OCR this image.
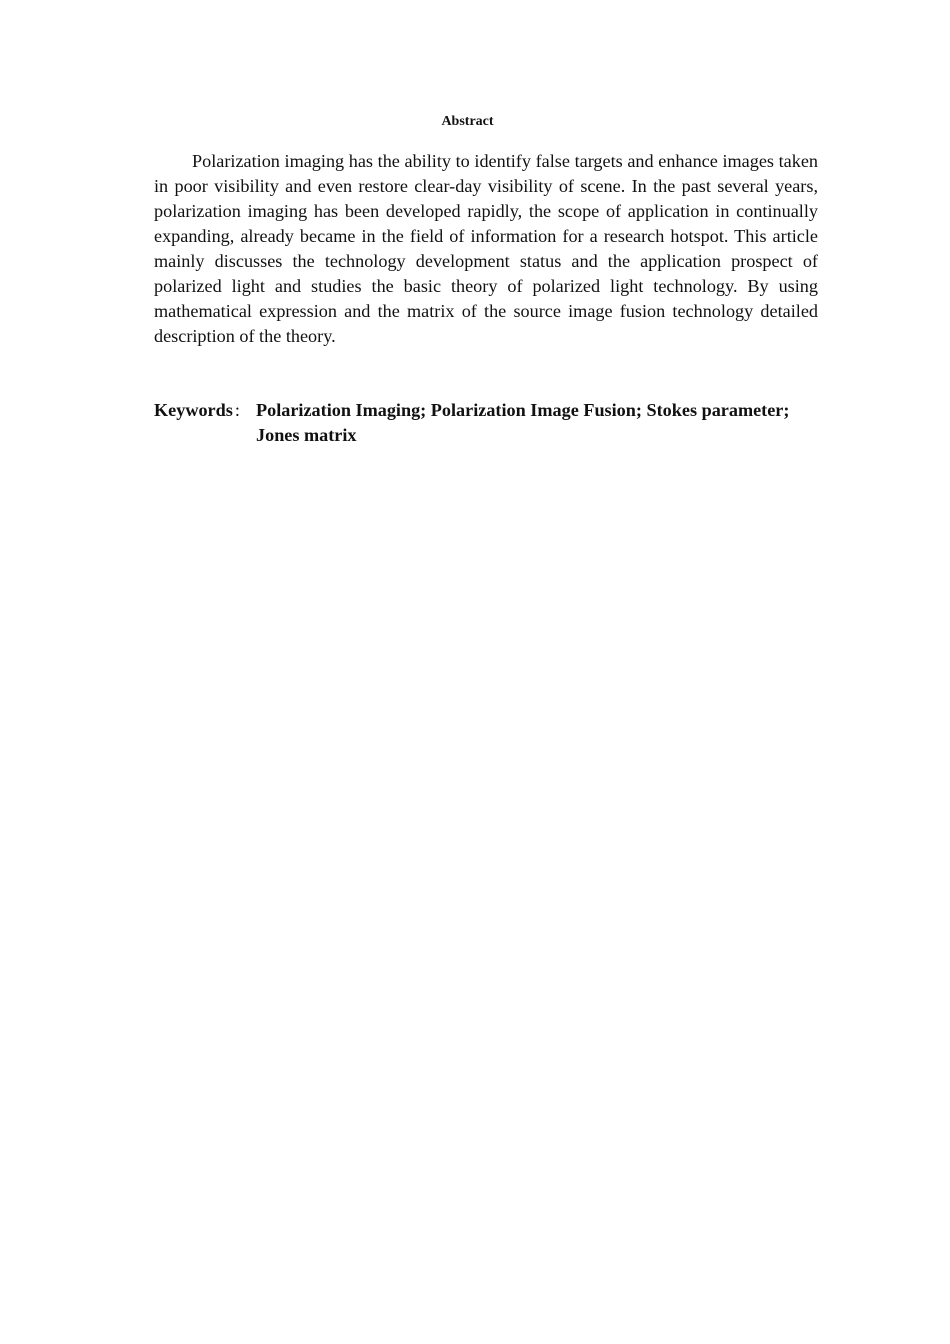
Abstract

Polarization imaging has the ability to identify false targets and enhance images taken in poor visibility and even restore clear-day visibility of scene. In the past several years, polarization imaging has been developed rapidly, the scope of application in continually expanding, already became in the field of information for a research hotspot. This article mainly discusses the technology development status and the application prospect of polarized light and studies the basic theory of polarized light technology. By using mathematical expression and the matrix of the source image fusion technology detailed description of the theory.

Keywords : Polarization Imaging; Polarization Image Fusion; Stokes parameter; Jones matrix
